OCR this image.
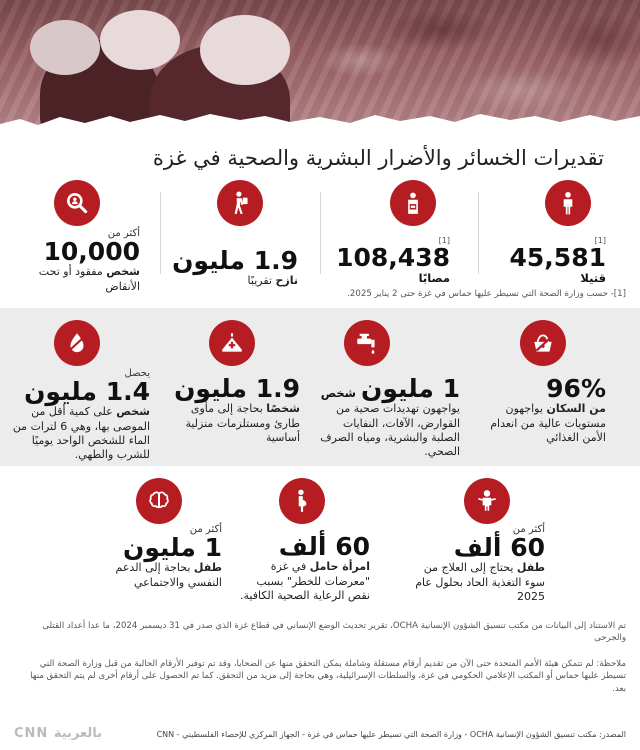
تقديرات الخسائر والأضرار البشرية والصحية في غزة
[1]
45,581
قتيلا
[1]
108,438
مصابًا
1.9 مليون
نازح تقريبًا
أكثر من
10,000
شخص مفقود أو تحت الأنقاض
[1]- حسب وزارة الصحة التي تسيطر عليها حماس في غزة حتى 2 يناير 2025.
96%
من السكان يواجهون مستويات عالية من انعدام الأمن الغذائي
1 مليون
شخص
يواجهون تهديدات صحية من القوارض، الآفات، النفايات الصلبة والبشرية، ومياه الصرف الصحي.
1.9 مليون
شخصًا بحاجة إلى مأوى طارئ ومستلزمات منزلية أساسية
يحصل
1.4 مليون
شخص على كمية أقل من الموصى بها، وهي 6 لترات من الماء للشخص الواحد يوميًا للشرب والطهي.
أكثر من
60 ألف
طفل يحتاج إلى العلاج من سوء التغذية الحاد بحلول عام 2025
60 ألف
امرأة حامل في غزة "معرضات للخطر" بسبب نقص الرعاية الصحية الكافية.
أكثر من
1 مليون
طفل بحاجة إلى الدعم النفسي والاجتماعي
تم الاستناد إلى البيانات من مكتب تنسيق الشؤون الإنسانية OCHA، تقرير تحديث الوضع الإنساني في قطاع غزة الذي صدر في 31 ديسمبر 2024، ما عدا أعداد القتلى والجرحى
ملاحظة: لم تتمكن هيئة الأمم المتحدة حتى الآن من تقديم أرقام مستقلة وشاملة يمكن التحقق منها عن الضحايا، وقد تم توفير الأرقام الحالية من قبل وزارة الصحة التي تسيطر عليها حماس أو المكتب الإعلامي الحكومي في غزة، والسلطات الإسرائيلية، وهي بحاجة إلى مزيد من التحقق. كما تم الحصول على أرقام أخرى لم يتم التحقق منها بعد.
المصدر: مكتب تنسيق الشؤون الإنسانية OCHA - وزارة الصحة التي تسيطر عليها حماس في غزة - الجهاز المركزي للإحصاء الفلسطيني - CNN
CNN بالعربية
